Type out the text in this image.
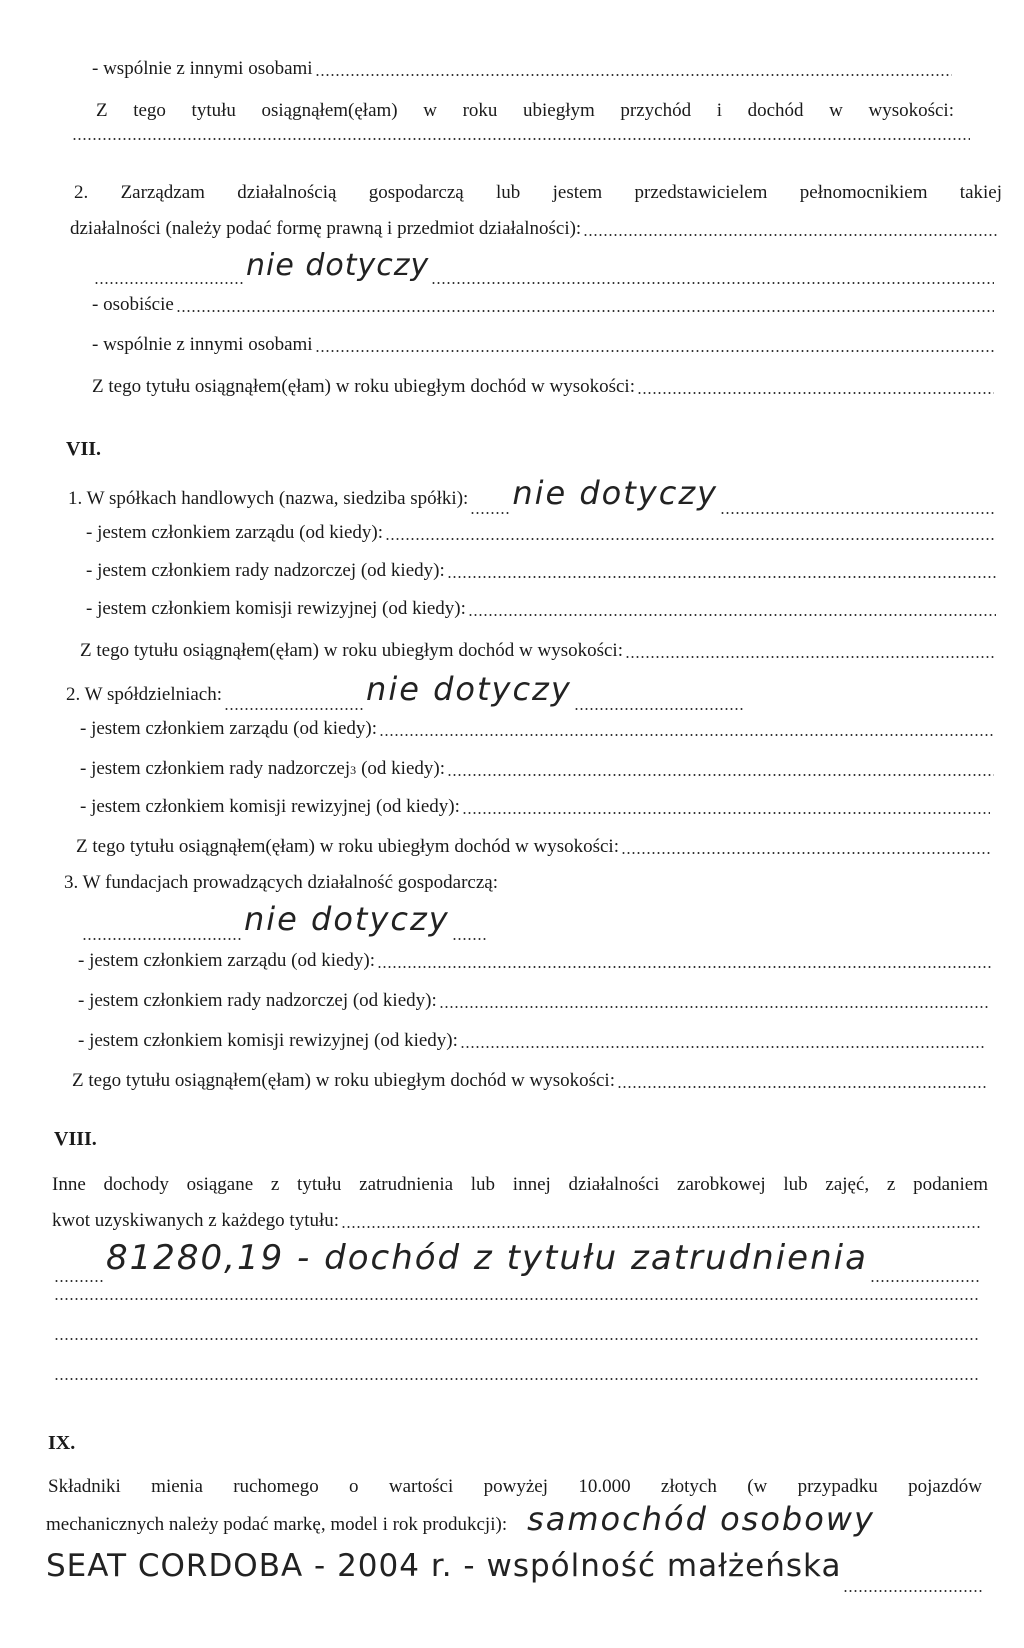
- wspólnie z innymi osobami
Z tego tytułu osiągnąłem(ęłam) w roku ubiegłym przychód i dochód w wysokości:
2. Zarządzam działalnością gospodarczą lub jestem przedstawicielem pełnomocnikiem takiej
działalności (należy podać formę prawną i przedmiot działalności):
nie dotyczy
- osobiście
- wspólnie z innymi osobami
Z tego tytułu osiągnąłem(ęłam) w roku ubiegłym dochód w wysokości:
VII.
1. W spółkach handlowych (nazwa, siedziba spółki): nie dotyczy
- jestem członkiem zarządu (od kiedy):
- jestem członkiem rady nadzorczej (od kiedy):
- jestem członkiem komisji rewizyjnej (od kiedy):
Z tego tytułu osiągnąłem(ęłam) w roku ubiegłym dochód w wysokości:
2. W spółdzielniach:	nie dotyczy
- jestem członkiem zarządu (od kiedy):
- jestem członkiem rady nadzorczej 3 (od kiedy):
- jestem członkiem komisji rewizyjnej (od kiedy):
Z tego tytułu osiągnąłem(ęłam) w roku ubiegłym dochód w wysokości:
3. W fundacjach prowadzących działalność gospodarczą:
nie dotyczy
- jestem członkiem zarządu (od kiedy):
- jestem członkiem rady nadzorczej (od kiedy):
- jestem członkiem komisji rewizyjnej (od kiedy):
Z tego tytułu osiągnąłem(ęłam) w roku ubiegłym dochód w wysokości:
VIII.
Inne dochody osiągane z tytułu zatrudnienia lub innej działalności zarobkowej lub zajęć, z podaniem
kwot uzyskiwanych z każdego tytułu:
81280,19 - dochód z tytułu zatrudnienia
IX.
Składniki mienia ruchomego o wartości powyżej 10.000 złotych (w przypadku pojazdów
mechanicznych należy podać markę, model i rok produkcji): samochód osobowy
SEAT CORDOBA - 2004 r. - wspólność małżeńska
